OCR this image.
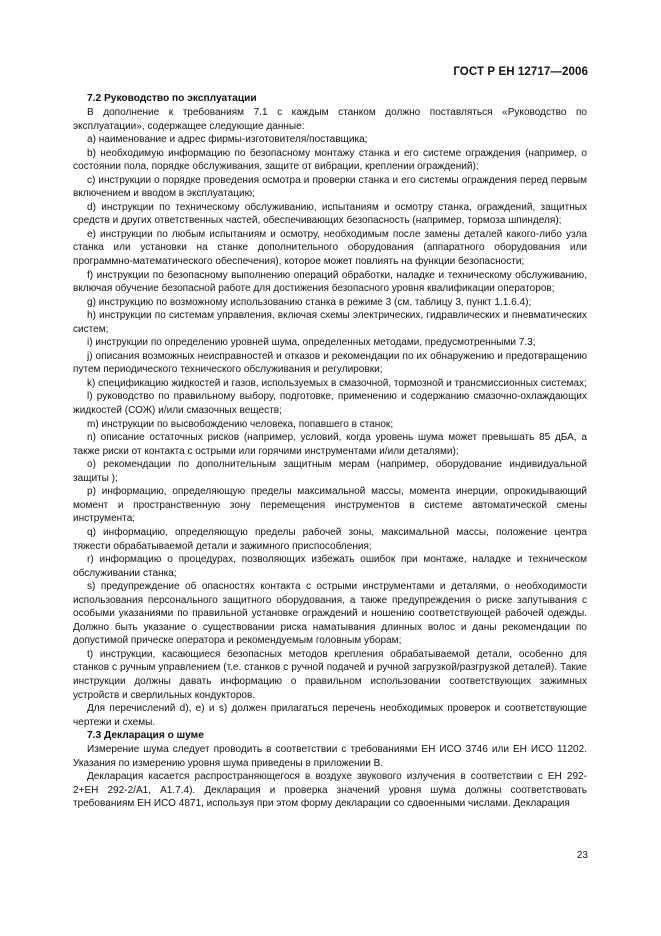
ГОСТ Р ЕН 12717—2006
7.2 Руководство по эксплуатации

В дополнение к требованиям 7.1 с каждым станком должно поставляться «Руководство по эксплуатации», содержащее следующие данные:

a) наименование и адрес фирмы-изготовителя/поставщика;

b) необходимую информацию по безопасному монтажу станка и его системе ограждения (например, о состоянии пола, порядке обслуживания, защите от вибрации, креплении ограждений);

c) инструкции о порядке проведения осмотра и проверки станка и его системы ограждения перед первым включением и вводом в эксплуатацию;

d) инструкции по техническому обслуживанию, испытаниям и осмотру станка, ограждений, защитных средств и других ответственных частей, обеспечивающих безопасность (например, тормоза шпинделя);

e) инструкции по любым испытаниям и осмотру, необходимым после замены деталей какого-либо узла станка или установки на станке дополнительного оборудования (аппаратного оборудования или программно-математического обеспечения), которое может повлиять на функции безопасности;

f) инструкции по безопасному выполнению операций обработки, наладке и техническому обслуживанию, включая обучение безопасной работе для достижения безопасного уровня квалификации операторов;

g) инструкцию по возможному использованию станка в режиме 3 (см. таблицу 3, пункт 1.1.6.4);

h) инструкции по системам управления, включая схемы электрических, гидравлических и пневматических систем;

i) инструкции по определению уровней шума, определенных методами, предусмотренными 7.3;

j) описания возможных неисправностей и отказов и рекомендации по их обнаружению и предотвращению путем периодического технического обслуживания и регулировки;

k) спецификацию жидкостей и газов, используемых в смазочной, тормозной и трансмиссионных системах;

l) руководство по правильному выбору, подготовке, применению и содержанию смазочно-охлаждающих жидкостей (СОЖ) и/или смазочных веществ;

m) инструкции по высвобождению человека, попавшего в станок;

n) описание остаточных рисков (например, условий, когда уровень шума может превышать 85 дБА, а также риски от контакта с острыми или горячими инструментами и/или деталями);

o) рекомендации по дополнительным защитным мерам (например, оборудование индивидуальной защиты );

p) информацию, определяющую пределы максимальной массы, момента инерции, опрокидывающий момент и пространственную зону перемещения инструментов в системе автоматической смены инструмента;

q) информацию, определяющую пределы рабочей зоны, максимальной массы, положение центра тяжести обрабатываемой детали и зажимного приспособления;

r) информацию о процедурах, позволяющих избежать ошибок при монтаже, наладке и техническом обслуживании станка;

s) предупреждение об опасностях контакта с острыми инструментами и деталями, о необходимости использования персонального защитного оборудования, а также предупреждения о риске запутывания с особыми указаниями по правильной установке ограждений и ношению соответствующей рабочей одежды. Должно быть указание о существовании риска наматывания длинных волос и даны рекомендации по допустимой прическе оператора и рекомендуемым головным уборам;

t) инструкции, касающиеся безопасных методов крепления обрабатываемой детали, особенно для станков с ручным управлением (т.е. станков с ручной подачей и ручной загрузкой/разгрузкой деталей). Такие инструкции должны давать информацию о правильном использовании соответствующих зажимных устройств и сверлильных кондукторов.

Для перечислений d), e) и s) должен прилагаться перечень необходимых проверок и соответствующие чертежи и схемы.

7.3 Декларация о шуме

Измерение шума следует проводить в соответствии с требованиями ЕН ИСО 3746 или ЕН ИСО 11202. Указания по измерению уровня шума приведены в приложении В.

Декларация касается распространяющегося в воздухе звукового излучения в соответствии с ЕН 292-2+ЕН 292-2/А1, А1.7.4). Декларация и проверка значений уровня шума должны соответствовать требованиям ЕН ИСО 4871, используя при этом форму декларации со сдвоенными числами. Декларация

23
